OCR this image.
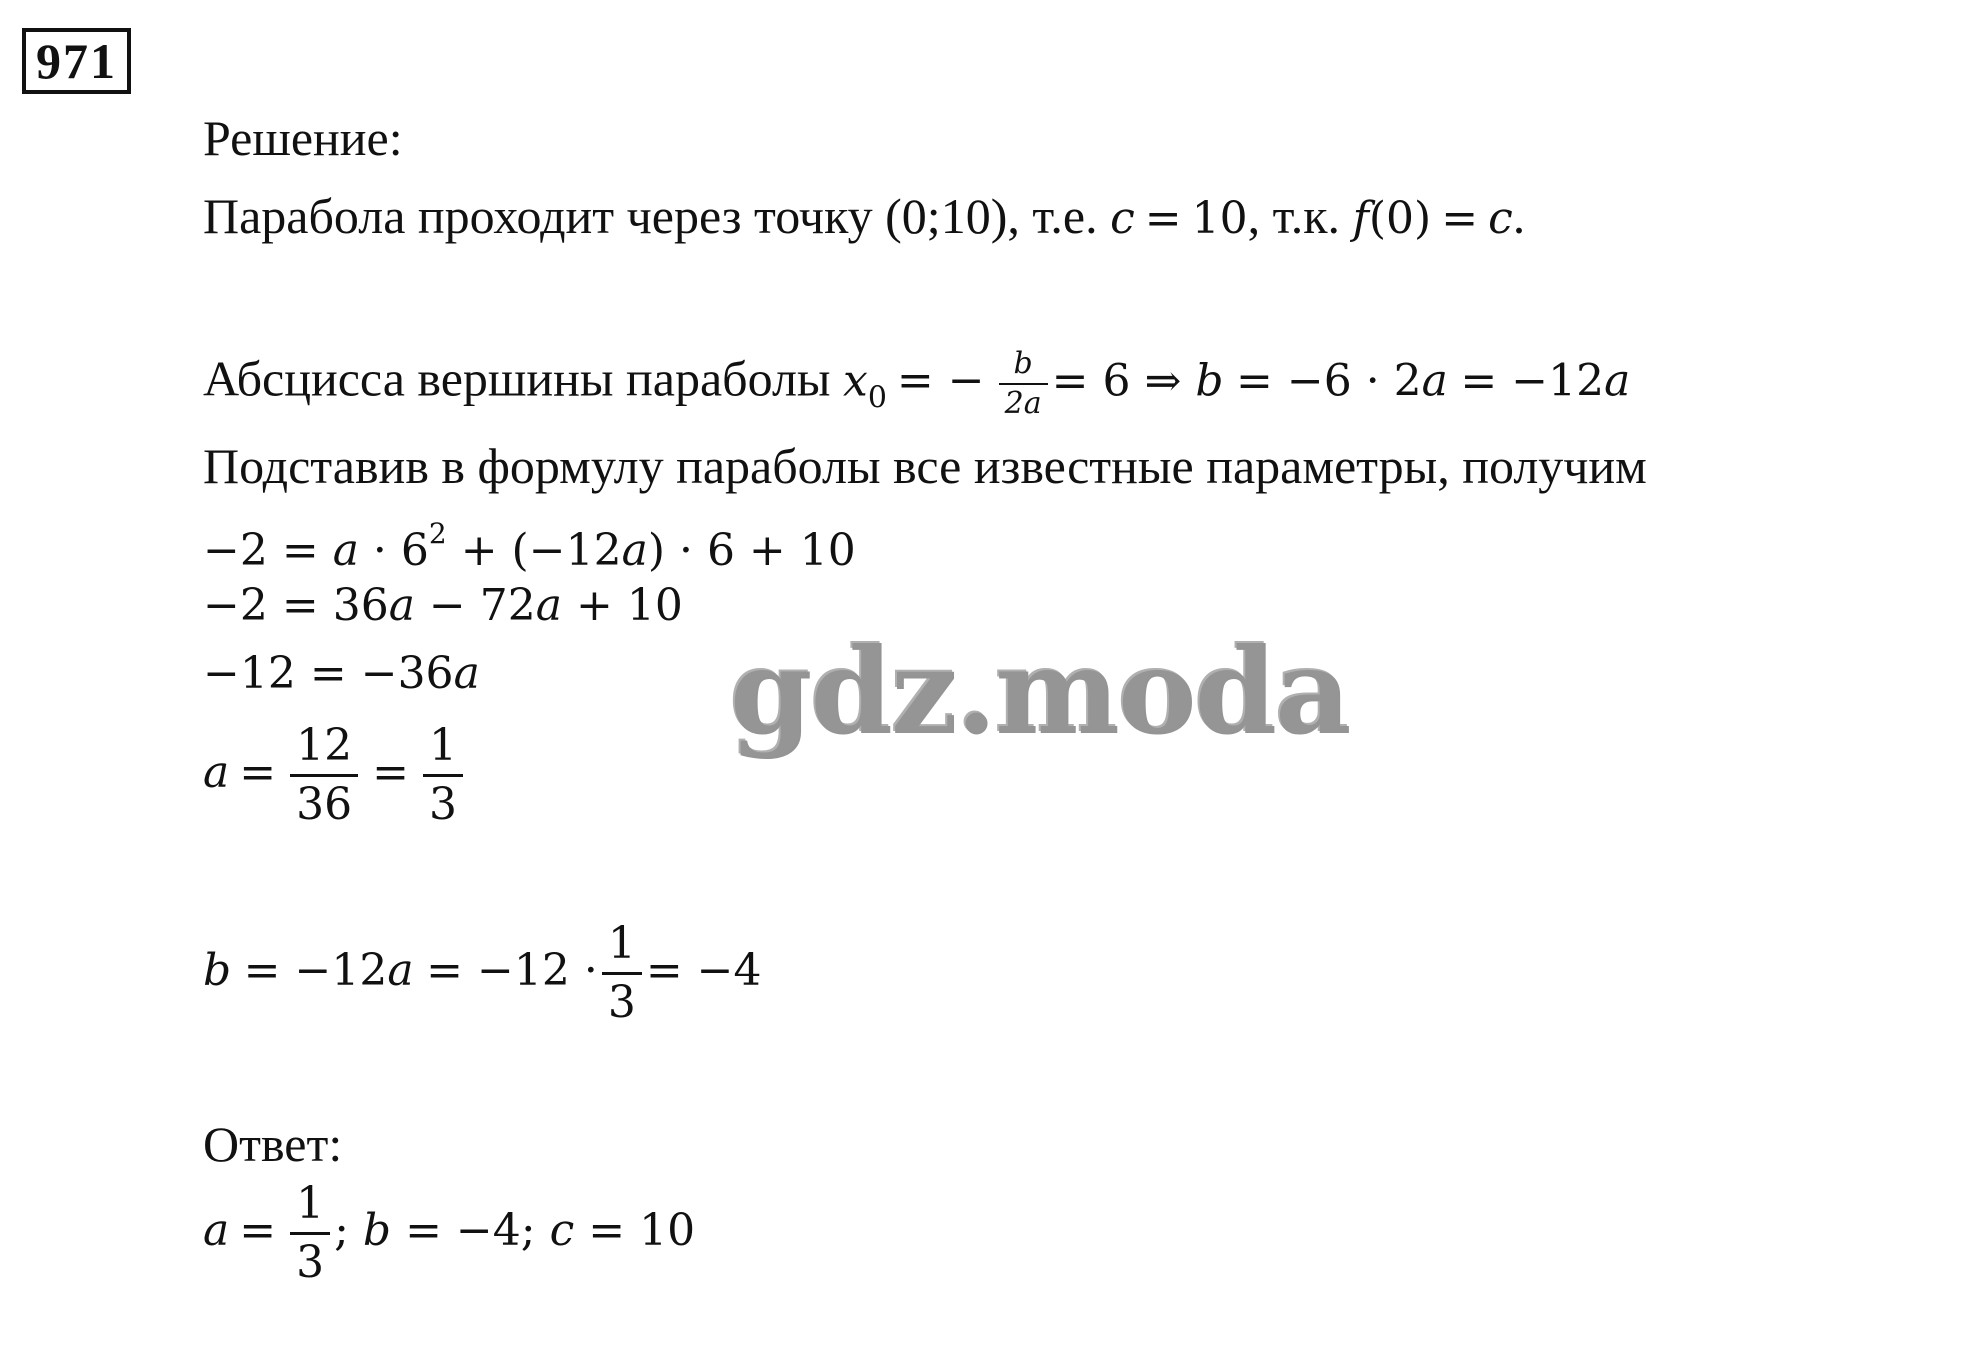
971
Решение:
Парабола проходит через точку (0;10), т.е. c = 10, т.к. f(0) = c.
Абсцисса вершины параболы $x_0$ = − $\frac{b}{2a} = 6$ ⇒ b = −6 · 2a = −12a
Подставив в формулу параболы все известные параметры, получим
$-2 = a \cdot 6^2 + (-12a) \cdot 6 + 10$
−2 = 36a − 72a + 10
−12 = −36a
$a = \frac{12}{36} = \frac{1}{3}$
$b = -12a = -12 \cdot \frac{1}{3} = -4$
Ответ:
$a = \frac{1}{3}$ ; b = −4; c = 10
gdz.moda
